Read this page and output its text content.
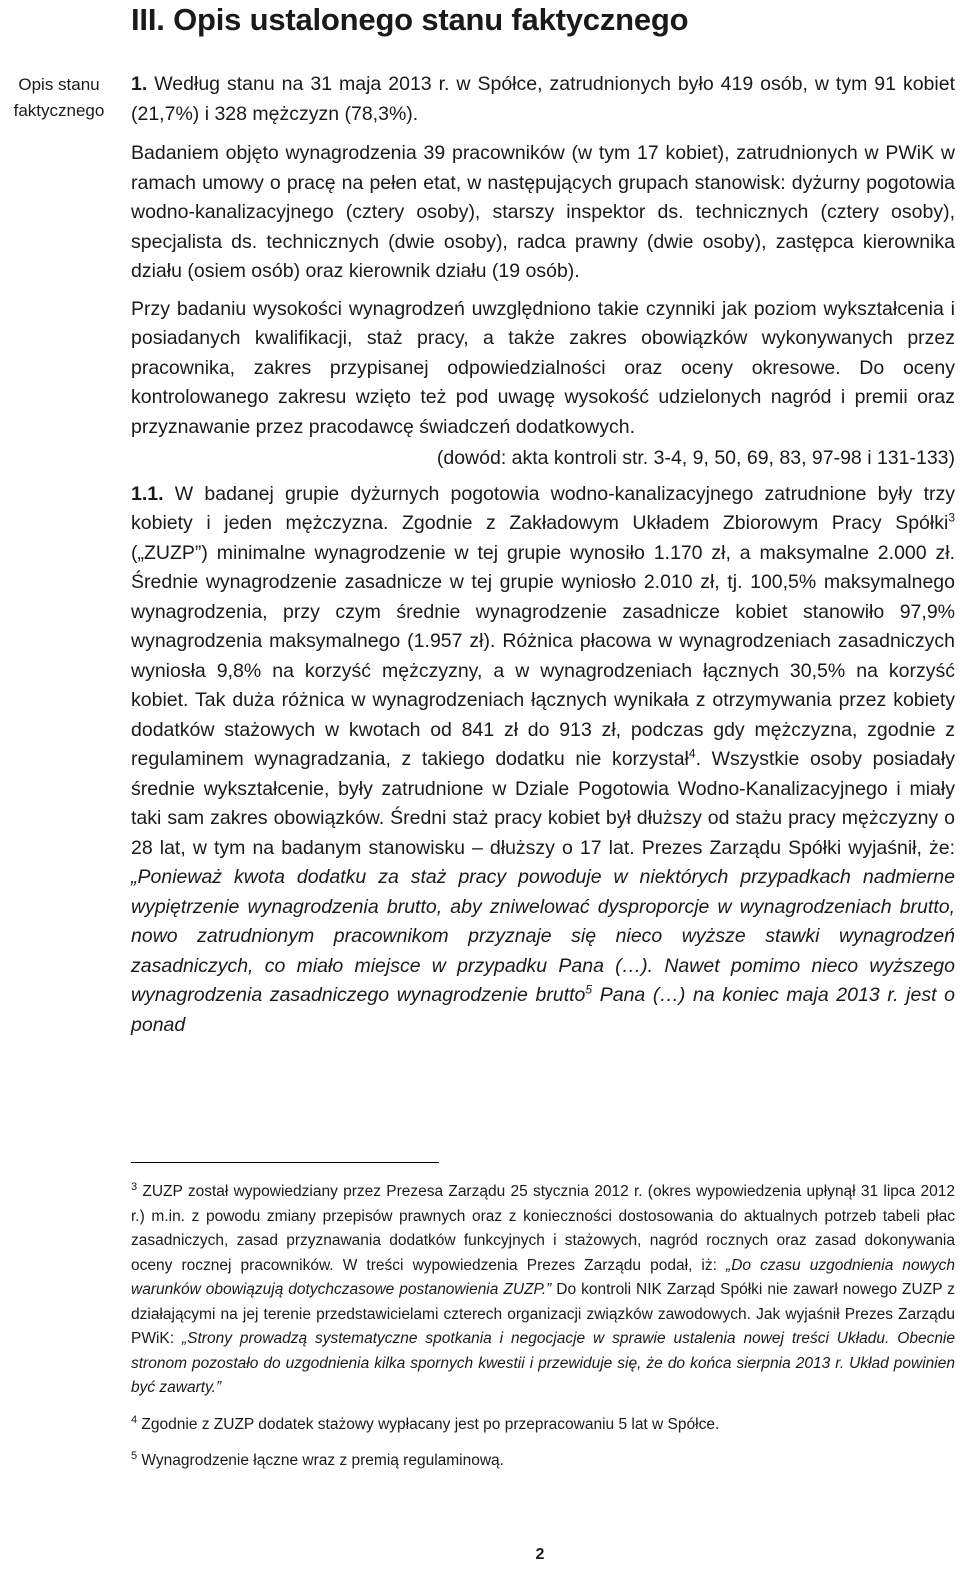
III. Opis ustalonego stanu faktycznego
Opis stanu
faktycznego

1. Według stanu na 31 maja 2013 r. w Spółce, zatrudnionych było 419 osób, w tym 91 kobiet (21,7%) i 328 mężczyzn (78,3%).

Badaniem objęto wynagrodzenia 39 pracowników (w tym 17 kobiet), zatrudnionych w PWiK w ramach umowy o pracę na pełen etat, w następujących grupach stanowisk: dyżurny pogotowia wodno-kanalizacyjnego (cztery osoby), starszy inspektor ds. technicznych (cztery osoby), specjalista ds. technicznych (dwie osoby), radca prawny (dwie osoby), zastępca kierownika działu (osiem osób) oraz kierownik działu (19 osób).

Przy badaniu wysokości wynagrodzeń uwzględniono takie czynniki jak poziom wykształcenia i posiadanych kwalifikacji, staż pracy, a także zakres obowiązków wykonywanych przez pracownika, zakres przypisanej odpowiedzialności oraz oceny okresowe. Do oceny kontrolowanego zakresu wzięto też pod uwagę wysokość udzielonych nagród i premii oraz przyznawanie przez pracodawcę świadczeń dodatkowych.

(dowód: akta kontroli str. 3-4, 9, 50, 69, 83, 97-98 i 131-133)

1.1. W badanej grupie dyżurnych pogotowia wodno-kanalizacyjnego zatrudnione były trzy kobiety i jeden mężczyzna. Zgodnie z Zakładowym Układem Zbiorowym Pracy Spółki$^3$ („ZUZP”) minimalne wynagrodzenie w tej grupie wynosiło 1.170 zł, a maksymalne 2.000 zł. Średnie wynagrodzenie zasadnicze w tej grupie wyniosło 2.010 zł, tj. 100,5% maksymalnego wynagrodzenia, przy czym średnie wynagrodzenie zasadnicze kobiet stanowiło 97,9% wynagrodzenia maksymalnego (1.957 zł). Różnica płacowa w wynagrodzeniach zasadniczych wyniosła 9,8% na korzyść mężczyzny, a w wynagrodzeniach łącznych 30,5% na korzyść kobiet. Tak duża różnica w wynagrodzeniach łącznych wynikała z otrzymywania przez kobiety dodatków stażowych w kwotach od 841 zł do 913 zł, podczas gdy mężczyzna, zgodnie z regulaminem wynagradzania, z takiego dodatku nie korzystał$^4$. Wszystkie osoby posiadały średnie wykształcenie, były zatrudnione w Dziale Pogotowia Wodno-Kanalizacyjnego i miały taki sam zakres obowiązków. Średni staż pracy kobiet był dłuższy od stażu pracy mężczyzny o 28 lat, w tym na badanym stanowisku – dłuższy o 17 lat. Prezes Zarządu Spółki wyjaśnił, że: „Ponieważ kwota dodatku za staż pracy powoduje w niektórych przypadkach nadmierne wypiętrzenie wynagrodzenia brutto, aby zniwelować dysproporcje w wynagrodzeniach brutto, nowo zatrudnionym pracownikom przyznaje się nieco wyższe stawki wynagrodzeń zasadniczych, co miało miejsce w przypadku Pana (…). Nawet pomimo nieco wyższego wynagrodzenia zasadniczego wynagrodzenie brutto$^5$ Pana (…) na koniec maja 2013 r. jest o ponad

$^3$ ZUZP został wypowiedziany przez Prezesa Zarządu 25 stycznia 2012 r. (okres wypowiedzenia upłynął 31 lipca 2012 r.) m.in. z powodu zmiany przepisów prawnych oraz z konieczności dostosowania do aktualnych potrzeb tabeli płac zasadniczych, zasad przyznawania dodatków funkcyjnych i stażowych, nagród rocznych oraz zasad dokonywania oceny rocznej pracowników. W treści wypowiedzenia Prezes Zarządu podał, iż: „Do czasu uzgodnienia nowych warunków obowiązują dotychczasowe postanowienia ZUZP.” Do kontroli NIK Zarząd Spółki nie zawarł nowego ZUZP z działającymi na jej terenie przedstawicielami czterech organizacji związków zawodowych. Jak wyjaśnił Prezes Zarządu PWiK: „Strony prowadzą systematyczne spotkania i negocjacje w sprawie ustalenia nowej treści Układu. Obecnie stronom pozostało do uzgodnienia kilka spornych kwestii i przewiduje się, że do końca sierpnia 2013 r. Układ powinien być zawarty.”

$^4$ Zgodnie z ZUZP dodatek stażowy wypłacany jest po przepracowaniu 5 lat w Spółce.

$^5$ Wynagrodzenie łączne wraz z premią regulaminową.

2
